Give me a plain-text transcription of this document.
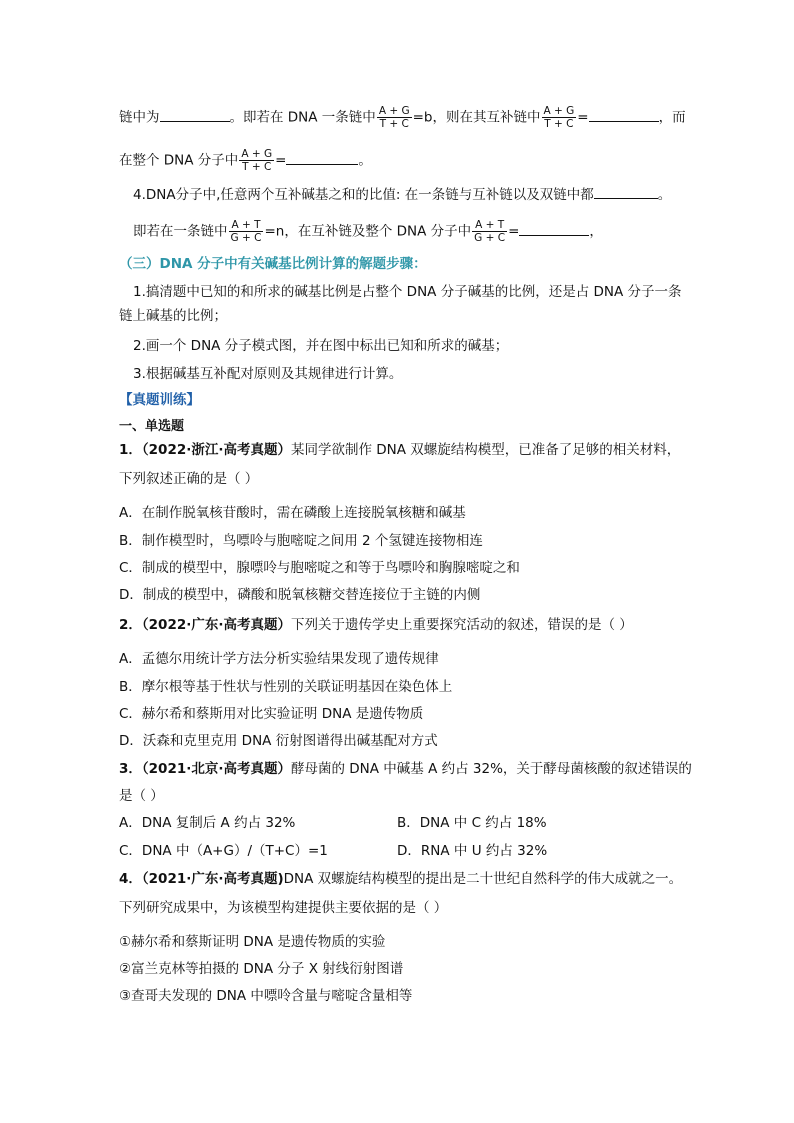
链中为	。即若在 DNA 一条链中 $\frac{A + G}{T + C} =b$，则在其互补链中 $\frac{A + G}{T + C}$ =	，而
在整个 DNA 分子中 $\frac{A + G}{T + C}$ =	。
4.DNA分子中,任意两个互补碱基之和的比值: 在一条链与互补链以及双链中都	。
即若在一条链中 $\frac{A + T}{G + C} =n$，在互补链及整个 DNA 分子中 $\frac{A + T}{G + C}$ =	，
（三）DNA 分子中有关碱基比例计算的解题步骤：
1.搞清题中已知的和所求的碱基比例是占整个 DNA 分子碱基的比例，还是占 DNA 分子一条
链上碱基的比例；
2.画一个 DNA 分子模式图，并在图中标出已知和所求的碱基；
3.根据碱基互补配对原则及其规律进行计算。
【真题训练】
一、单选题
1．（2022·浙江·高考真题）某同学欲制作 DNA 双螺旋结构模型，已准备了足够的相关材料，
下列叙述正确的是（ ）
A．在制作脱氧核苷酸时，需在磷酸上连接脱氧核糖和碱基
B．制作模型时，鸟嘌呤与胞嘧啶之间用 2 个氢键连接物相连
C．制成的模型中，腺嘌呤与胞嘧啶之和等于鸟嘌呤和胸腺嘧啶之和
D．制成的模型中，磷酸和脱氧核糖交替连接位于主链的内侧
2．（2022·广东·高考真题）下列关于遗传学史上重要探究活动的叙述，错误的是（ ）
A．孟德尔用统计学方法分析实验结果发现了遗传规律
B．摩尔根等基于性状与性别的关联证明基因在染色体上
C．赫尔希和蔡斯用对比实验证明 DNA 是遗传物质
D．沃森和克里克用 DNA 衍射图谱得出碱基配对方式
3．（2021·北京·高考真题）酵母菌的 DNA 中碱基 A 约占 32%，关于酵母菌核酸的叙述错误的
是（ ）
A．DNA 复制后 A 约占 32%	B．DNA 中 C 约占 18%
C．DNA 中（A+G）/（T+C）=1	D．RNA 中 U 约占 32%
4．（2021·广东·高考真题)DNA 双螺旋结构模型的提出是二十世纪自然科学的伟大成就之一。
下列研究成果中，为该模型构建提供主要依据的是（ ）
①赫尔希和蔡斯证明 DNA 是遗传物质的实验
②富兰克林等拍摄的 DNA 分子 X 射线衍射图谱
③查哥夫发现的 DNA 中嘌呤含量与嘧啶含量相等
